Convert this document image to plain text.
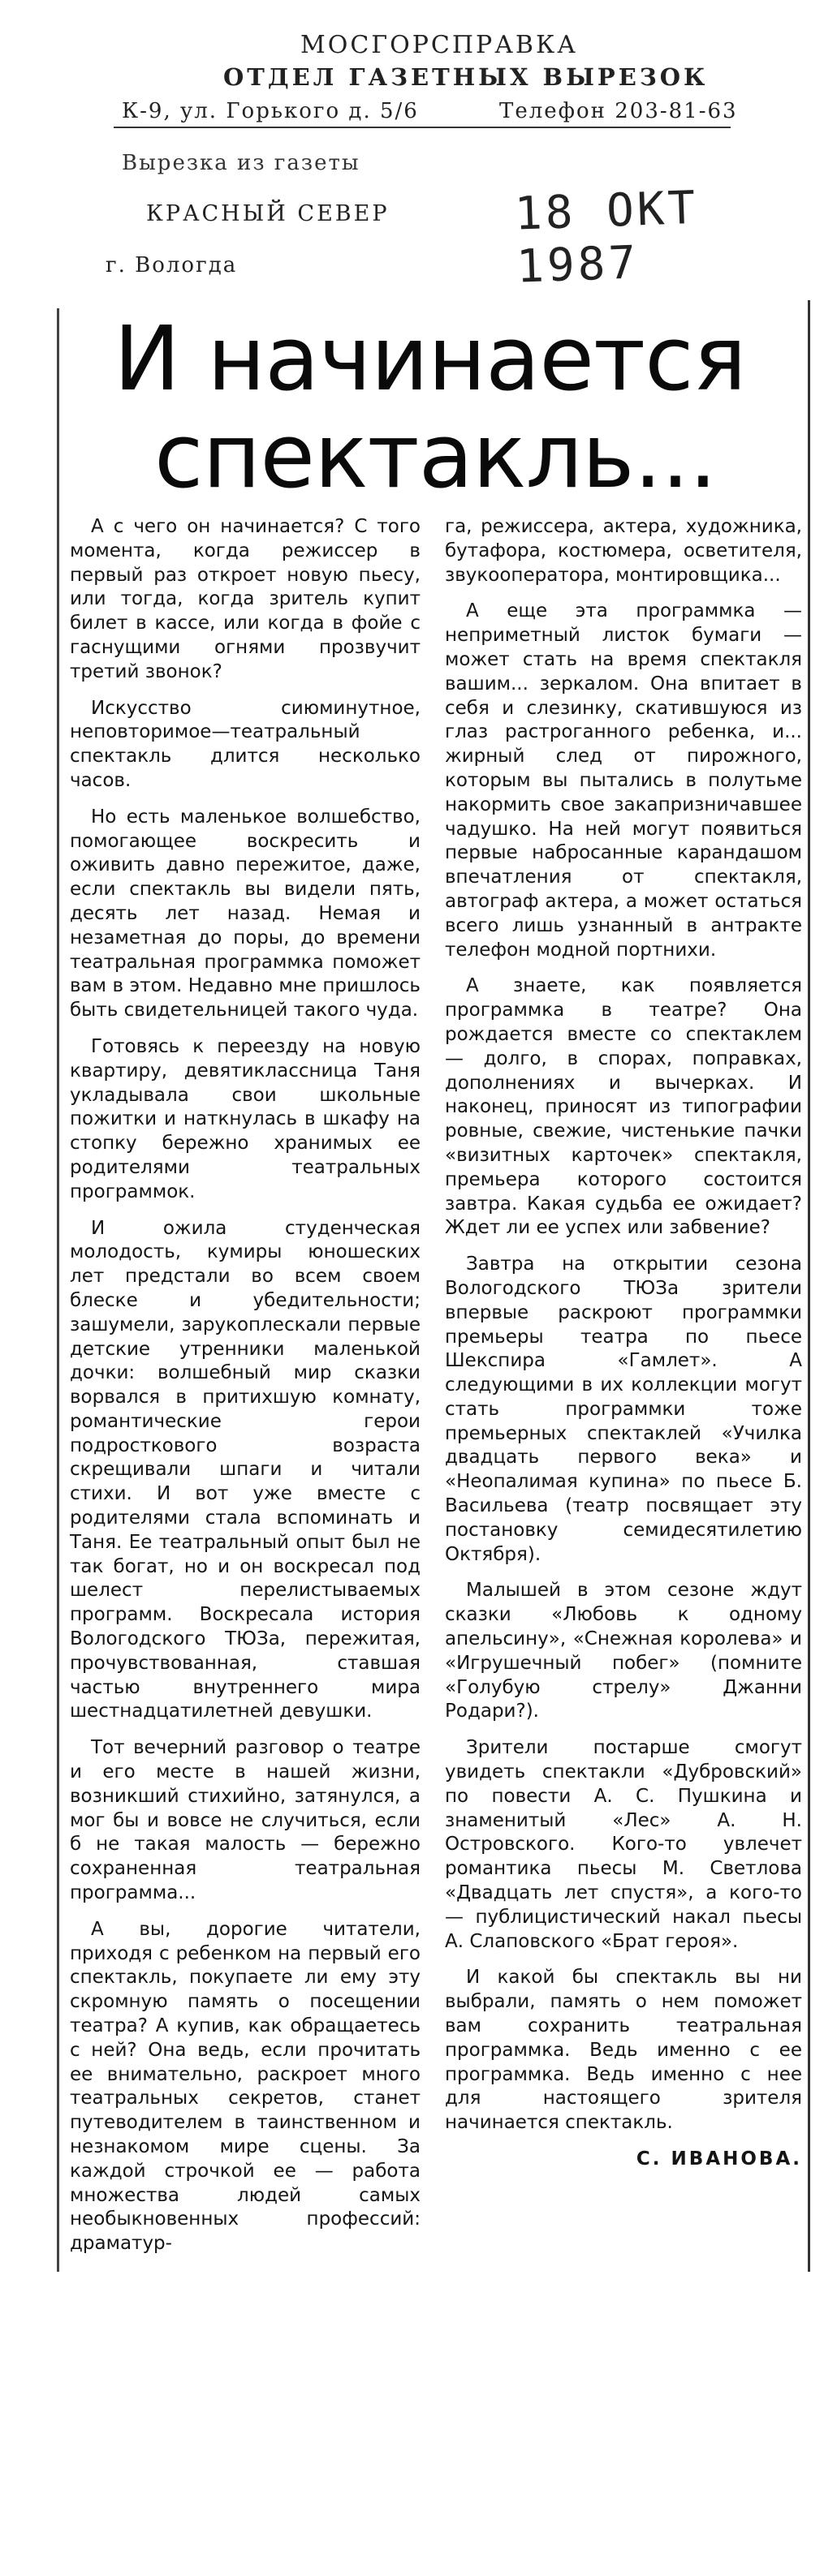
МОСГОРСПРАВКА
ОТДЕЛ ГАЗЕТНЫХ ВЫРЕЗОК
К-9, ул. Горького д. 5/6	Телефон 203-81-63
Вырезка из газеты
КРАСНЫЙ СЕВЕР	18 ОКТ 1987
г. Вологда
И начинается
спектакль...

А с чего он начинается? С того момента, когда режиссер в первый раз откроет новую пьесу, или тогда, когда зритель купит билет в кассе, или когда в фойе с гаснущими огнями прозвучит третий звонок?

Искусство сиюминутное, неповторимое—театральный спектакль длится несколько часов.

Но есть маленькое волшебство, помогающее воскресить и оживить давно пережитое, даже, если спектакль вы видели пять, десять лет назад. Немая и незаметная до поры, до времени театральная программка поможет вам в этом. Недавно мне пришлось быть свидетельницей такого чуда.

Готовясь к переезду на новую квартиру, девятиклассница Таня укладывала свои школьные пожитки и наткнулась в шкафу на стопку бережно хранимых ее родителями театральных программок.

И ожила студенческая молодость, кумиры юношеских лет предстали во всем своем блеске и убедительности; зашумели, зарукоплескали первые детские утренники маленькой дочки: волшебный мир сказки ворвался в притихшую комнату, романтические герои подросткового возраста скрещивали шпаги и читали стихи. И вот уже вместе с родителями стала вспоминать и Таня. Ее театральный опыт был не так богат, но и он воскресал под шелест перелистываемых программ. Воскресала история Вологодского ТЮЗа, пережитая, прочувствованная, ставшая частью внутреннего мира шестнадцатилетней девушки.

Тот вечерний разговор о театре и его месте в нашей жизни, возникший стихийно, затянулся, а мог бы и вовсе не случиться, если б не такая малость — бережно сохраненная театральная программа...

А вы, дорогие читатели, приходя с ребенком на первый его спектакль, покупаете ли ему эту скромную память о посещении театра? А купив, как обращаетесь с ней? Она ведь, если прочитать ее внимательно, раскроет много театральных секретов, станет путеводителем в таинственном и незнакомом мире сцены. За каждой строчкой ее — работа множества людей самых необыкновенных профессий: драматур-

га, режиссера, актера, художника, бутафора, костюмера, осветителя, звукооператора, монтировщика...

А еще эта программка — неприметный листок бумаги — может стать на время спектакля вашим... зеркалом. Она впитает в себя и слезинку, скатившуюся из глаз растроганного ребенка, и... жирный след от пирожного, которым вы пытались в полутьме накормить свое закапризничавшее чадушко. На ней могут появиться первые набросанные карандашом впечатления от спектакля, автограф актера, а может остаться всего лишь узнанный в антракте телефон модной портнихи.

А знаете, как появляется программка в театре? Она рождается вместе со спектаклем — долго, в спорах, поправках, дополнениях и вычерках. И наконец, приносят из типографии ровные, свежие, чистенькие пачки «визитных карточек» спектакля, премьера которого состоится завтра. Какая судьба ее ожидает? Ждет ли ее успех или забвение?

Завтра на открытии сезона Вологодского ТЮЗа зрители впервые раскроют программки премьеры театра по пьесе Шекспира «Гамлет». А следующими в их коллекции могут стать программки тоже премьерных спектаклей «Училка двадцать первого века» и «Неопалимая купина» по пьесе Б. Васильева (театр посвящает эту постановку семидесятилетию Октября).

Малышей в этом сезоне ждут сказки «Любовь к одному апельсину», «Снежная королева» и «Игрушечный побег» (помните «Голубую стрелу» Джанни Родари?).

Зрители постарше смогут увидеть спектакли «Дубровский» по повести А. С. Пушкина и знаменитый «Лес» А. Н. Островского. Кого-то увлечет романтика пьесы М. Светлова «Двадцать лет спустя», а кого-то — публицистический накал пьесы А. Слаповского «Брат героя».

И какой бы спектакль вы ни выбрали, память о нем поможет вам сохранить театральная программка. Ведь именно с ее программка. Ведь именно с нее для настоящего зрителя начинается спектакль.

С. ИВАНОВА.
